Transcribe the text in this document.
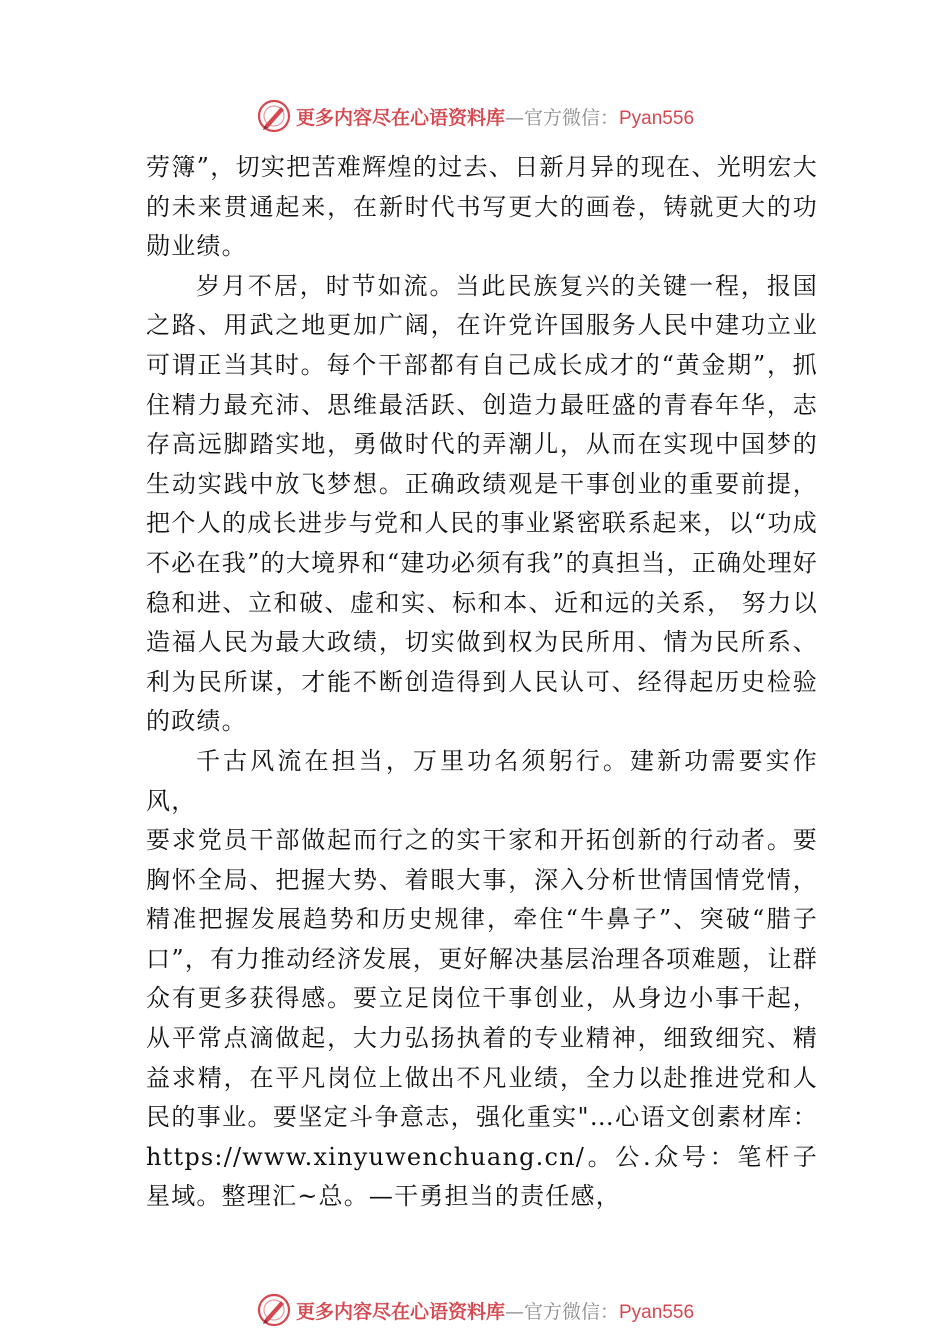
更多内容尽在心语资料库 —官方微信： Pyan556

劳簿”，切实把苦难辉煌的过去、日新月异的现在、光明宏大的未来贯通起来，在新时代书写更大的画卷，铸就更大的功勋业绩。

岁月不居，时节如流。当此民族复兴的关键一程，报国之路、用武之地更加广阔，在许党许国服务人民中建功立业可谓正当其时。每个干部都有自己成长成才的“黄金期”，抓住精力最充沛、思维最活跃、创造力最旺盛的青春年华，志存高远脚踏实地，勇做时代的弄潮儿，从而在实现中国梦的生动实践中放飞梦想。正确政绩观是干事创业的重要前提， 把个人的成长进步与党和人民的事业紧密联系起来，以“功成不必在我”的大境界和“建功必须有我”的真担当，正确处理好稳和进、立和破、虚和实、标和本、近和远的关系， 努力以造福人民为最大政绩，切实做到权为民所用、情为民所系、利为民所谋，才能不断创造得到人民认可、经得起历史检验的政绩。

千古风流在担当，万里功名须躬行。建新功需要实作风，

要求党员干部做起而行之的实干家和开拓创新的行动者。要胸怀全局、把握大势、着眼大事，深入分析世情国情党情，精准把握发展趋势和历史规律，牵住“牛鼻子”、突破“腊子口”，有力推动经济发展，更好解决基层治理各项难题，让群众有更多获得感。要立足岗位干事创业，从身边小事干起， 从平常点滴做起，大力弘扬执着的专业精神，细致细究、精益求精，在平凡岗位上做出不凡业绩，全力以赴推进党和人民的事业。要坚定斗争意志，强化重实"…心语文创素材库：https://www.xinyuwenchuang.cn/。公.众号：笔杆子星域。整理汇~总。—干勇担当的责任感，

更多内容尽在心语资料库 —官方微信： Pyan556
